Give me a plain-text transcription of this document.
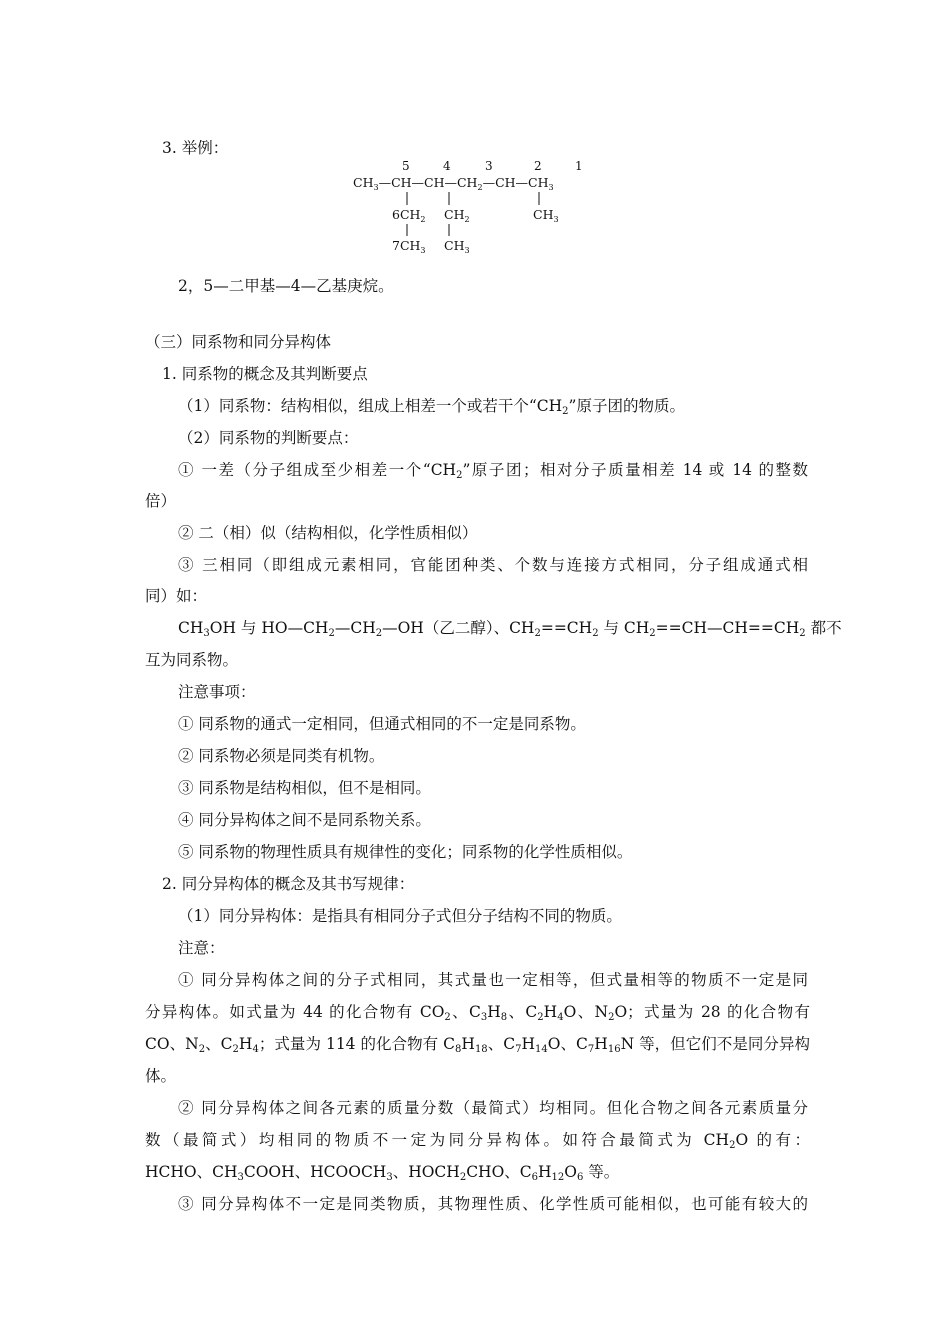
3. 举例：
5	4	3	2	1
$CH_3—CH—CH—CH_2—CH—CH_3$
$6CH_2$ $CH_2$	$CH_3$
$7CH_3$ $CH_3$
2，5—二甲基—4—乙基庚烷。
（三）同系物和同分异构体
1. 同系物的概念及其判断要点
（1）同系物：结构相似，组成上相差一个或若干个“$CH_2$”原子团的物质。
（2）同系物的判断要点：
① 一差（分子组成至少相差一个“$CH_2$”原子团；相对分子质量相差 14 或 14 的整数
倍）
② 二（相）似（结构相似，化学性质相似）
③ 三相同（即组成元素相同，官能团种类、个数与连接方式相同，分子组成通式相
同）如：
$CH_3OH$ 与 $HO—CH_2—CH_2—OH$（乙二醇）、$CH_2==CH_2$ 与 $CH_2==CH—CH==CH_2$ 都不
互为同系物。
注意事项：
① 同系物的通式一定相同，但通式相同的不一定是同系物。
② 同系物必须是同类有机物。
③ 同系物是结构相似，但不是相同。
④ 同分异构体之间不是同系物关系。
⑤ 同系物的物理性质具有规律性的变化；同系物的化学性质相似。
2. 同分异构体的概念及其书写规律：
（1）同分异构体：是指具有相同分子式但分子结构不同的物质。
注意：
① 同分异构体之间的分子式相同，其式量也一定相等，但式量相等的物质不一定是同
分异构体。如式量为 44 的化合物有 $CO_2$、$C_3H_8$、$C_2H_4O$、$N_2O$；式量为 28 的化合物有
CO、$N_2$、$C_2H_4$；式量为 114 的化合物有 $C_8H_{18}$、$C_7H_{14}O$、$C_7H_{16}N$ 等，但它们不是同分异构
体。
② 同分异构体之间各元素的质量分数（最简式）均相同。但化合物之间各元素质量分
数（最简式）均相同的物质不一定为同分异构体。如符合最简式为 $CH_2O$ 的有：
HCHO、$CH_3COOH$、$HCOOCH_3$、$HOCH_2CHO$、$C_6H_{12}O_6$ 等。
③ 同分异构体不一定是同类物质，其物理性质、化学性质可能相似，也可能有较大的
